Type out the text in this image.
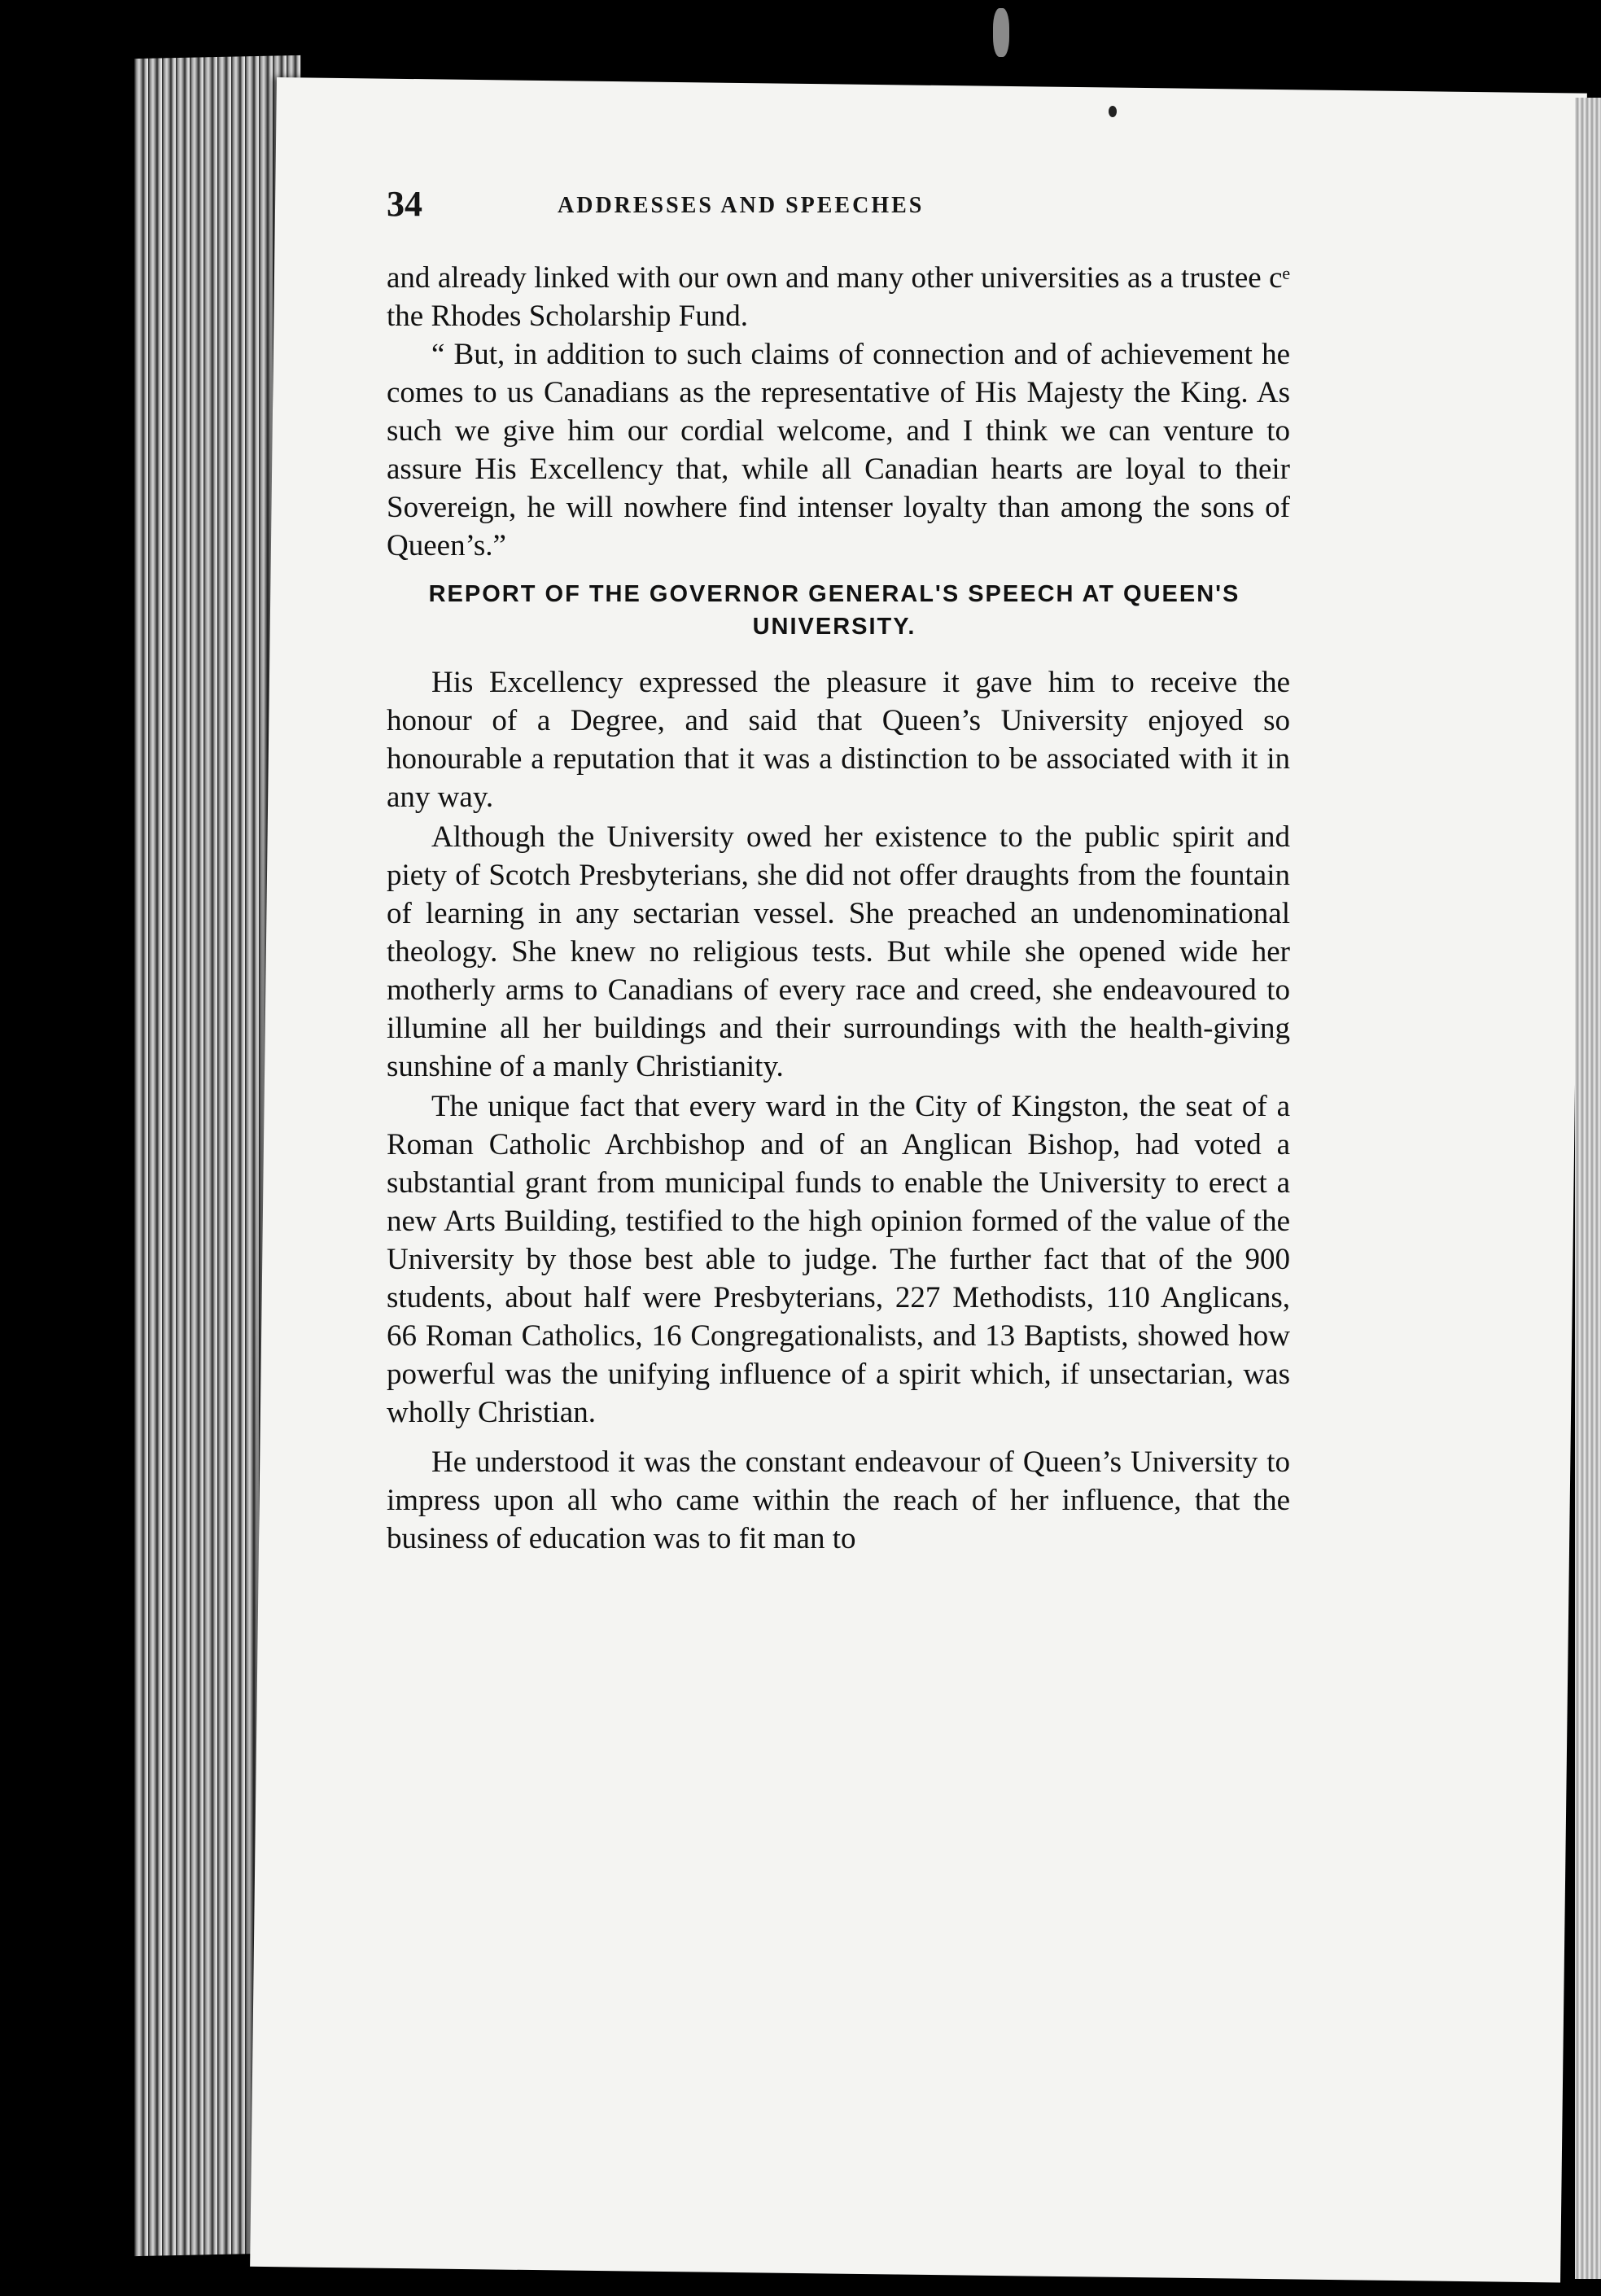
34	ADDRESSES AND SPEECHES

and already linked with our own and many other universities as a trustee cᵉ the Rhodes Scholarship Fund.

“ But, in addition to such claims of connection and of achievement he comes to us Canadians as the representative of His Majesty the King. As such we give him our cordial welcome, and I think we can venture to assure His Excellency that, while all Canadian hearts are loyal to their Sovereign, he will nowhere find intenser loyalty than among the sons of Queen’s.”

REPORT OF THE GOVERNOR GENERAL'S SPEECH AT QUEEN'S
UNIVERSITY.

His Excellency expressed the pleasure it gave him to receive the honour of a Degree, and said that Queen’s University enjoyed so honourable a reputation that it was a distinction to be associated with it in any way.

Although the University owed her existence to the public spirit and piety of Scotch Presbyterians, she did not offer draughts from the fountain of learning in any sectarian vessel. She preached an undenominational theology. She knew no religious tests. But while she opened wide her motherly arms to Canadians of every race and creed, she endeavoured to illumine all her buildings and their surroundings with the health-giving sunshine of a manly Christianity.

The unique fact that every ward in the City of Kingston, the seat of a Roman Catholic Archbishop and of an Anglican Bishop, had voted a substantial grant from municipal funds to enable the University to erect a new Arts Building, testified to the high opinion formed of the value of the University by those best able to judge. The further fact that of the 900 students, about half were Presbyterians, 227 Methodists, 110 Anglicans, 66 Roman Catholics, 16 Congregationalists, and 13 Baptists, showed how powerful was the unifying influence of a spirit which, if unsectarian, was wholly Christian.

He understood it was the constant endeavour of Queen’s University to impress upon all who came within the reach of her influence, that the business of education was to fit man to
